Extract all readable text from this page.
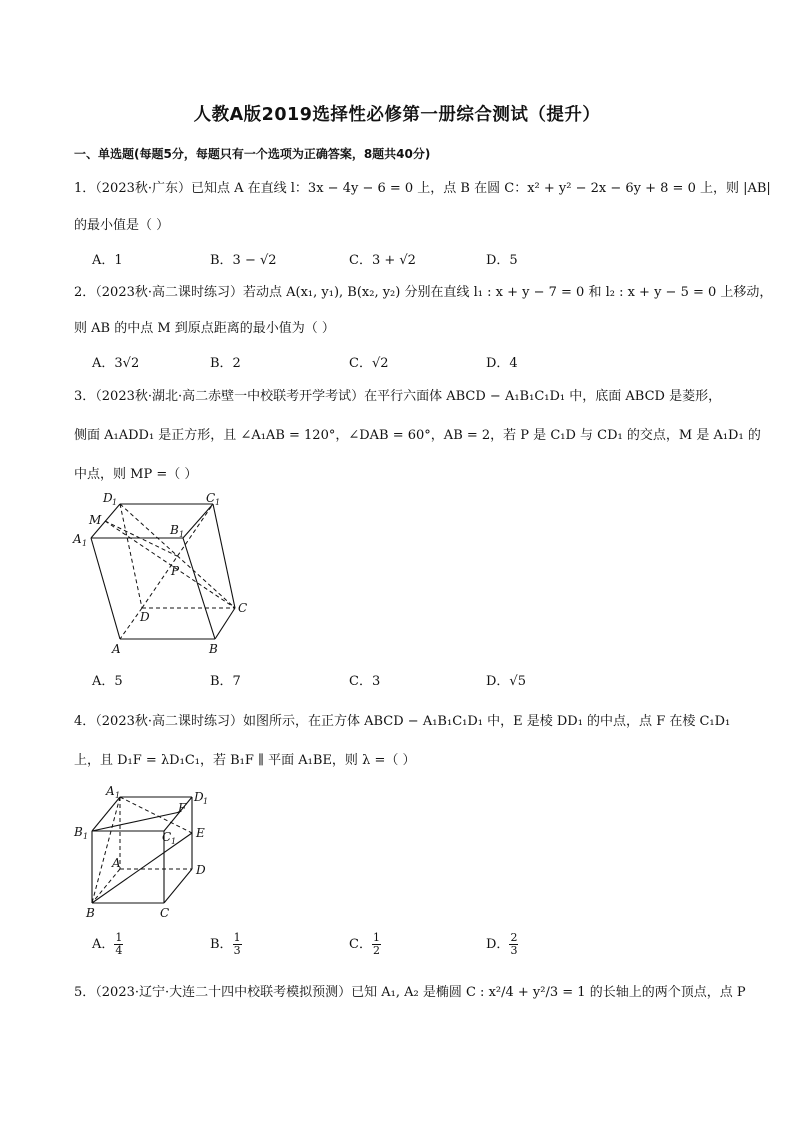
人教A版2019选择性必修第一册综合测试（提升）
一、单选题(每题5分，每题只有一个选项为正确答案，8题共40分)
1．（2023秋·广东）已知点 A 在直线 l：3x − 4y − 6 = 0 上，点 B 在圆 C：x² + y² − 2x − 6y + 8 = 0 上，则 |AB|
的最小值是（ ）
A．1	B．3 − √2	C．3 + √2	D．5
2．（2023秋·高二课时练习）若动点 A(x₁, y₁), B(x₂, y₂) 分别在直线 l₁ : x + y − 7 = 0 和 l₂ : x + y − 5 = 0 上移动，
则 AB 的中点 M 到原点距离的最小值为（ ）
A．3√2	B．2	C．√2	D．4
3．（2023秋·湖北·高二赤壁一中校联考开学考试）在平行六面体 ABCD − A₁B₁C₁D₁ 中，底面 ABCD 是菱形，
侧面 A₁ADD₁ 是正方形，且 ∠A₁AB = 120°，∠DAB = 60°，AB = 2，若 P 是 C₁D 与 CD₁ 的交点，M 是 A₁D₁ 的
中点，则 MP =（ ）
D 1	C 1
M
B 1
A 1
P
D
C
A	B
A．5	B．7	C．3	D．√5
4．（2023秋·高二课时练习）如图所示，在正方体 ABCD − A₁B₁C₁D₁ 中，E 是棱 DD₁ 的中点，点 F 在棱 C₁D₁
上，且 D₁F = λD₁C₁，若 B₁F ∥ 平面 A₁BE，则 λ =（ ）
A 1	D 1
F
B 1	C 1
E
A	D
B	C
A． $\frac{1}{4}$	B． $\frac{1}{3}$	C． $\frac{1}{2}$	D． $\frac{2}{3}$
5．（2023·辽宁·大连二十四中校联考模拟预测）已知 A₁, A₂ 是椭圆 C : x²/4 + y²/3 = 1 的长轴上的两个顶点，点 P
